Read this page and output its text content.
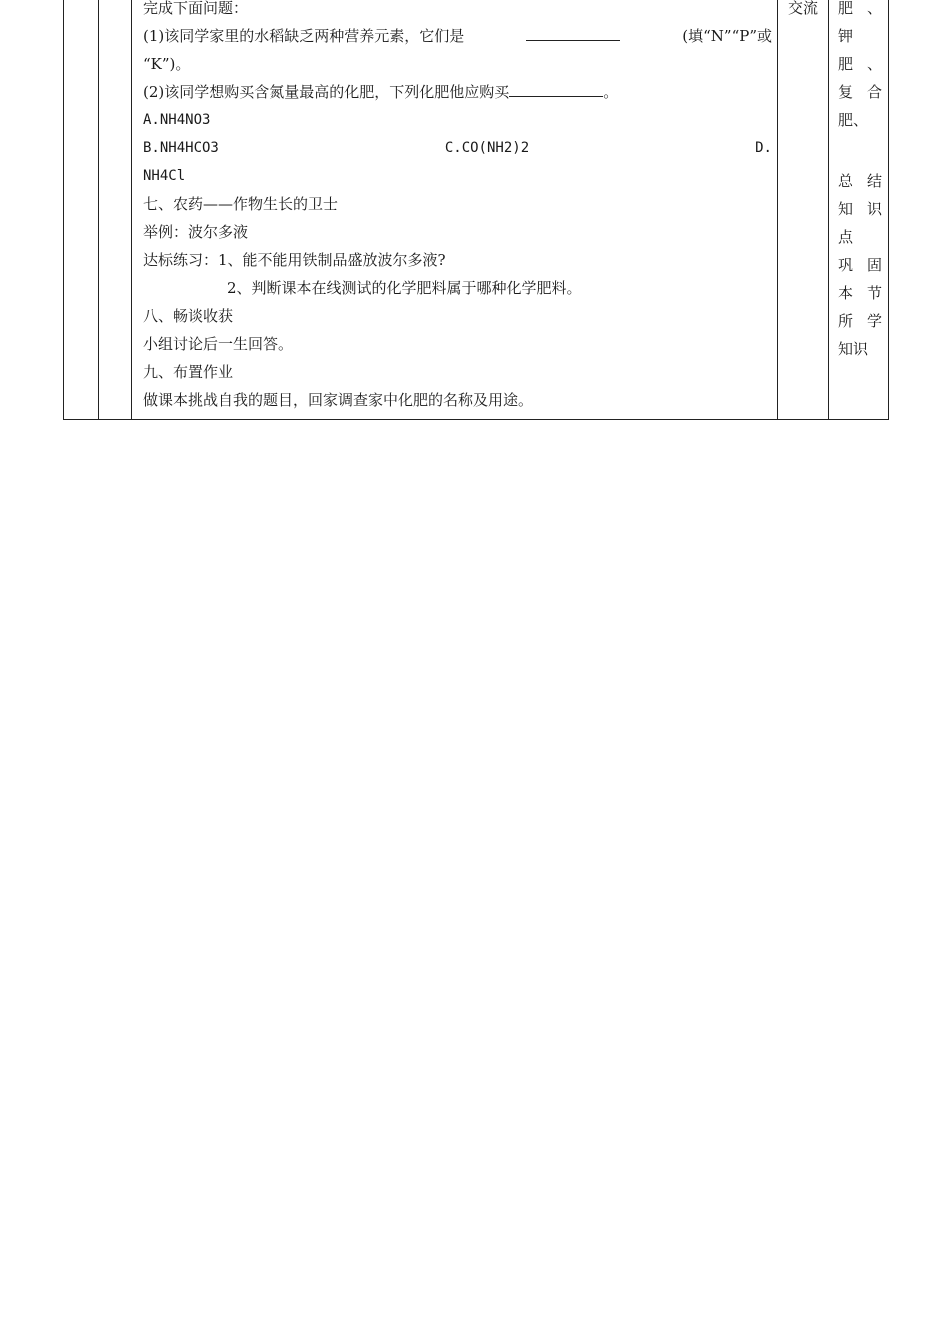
完成下面问题：
(1)该同学家里的水稻缺乏两种营养元素，它们是	(填“N”“P”或
“K”)。
(2)该同学想购买含氮量最高的化肥，下列化肥他应购买	。
A.NH4NO3
B.NH4HCO3	C.CO(NH2)2	D.
NH4Cl
七、农药——作物生长的卫士
举例：波尔多液
达标练习：1、能不能用铁制品盛放波尔多液?
2、判断课本在线测试的化学肥料属于哪种化学肥料。
八、畅谈收获
小组讨论后一生回答。
九、布置作业
做课本挑战自我的题目，回家调查家中化肥的名称及用途。
交流	肥 、
钾
肥 、
复 合
肥、
总 结
知 识
点
巩 固
本 节
所 学
知识
